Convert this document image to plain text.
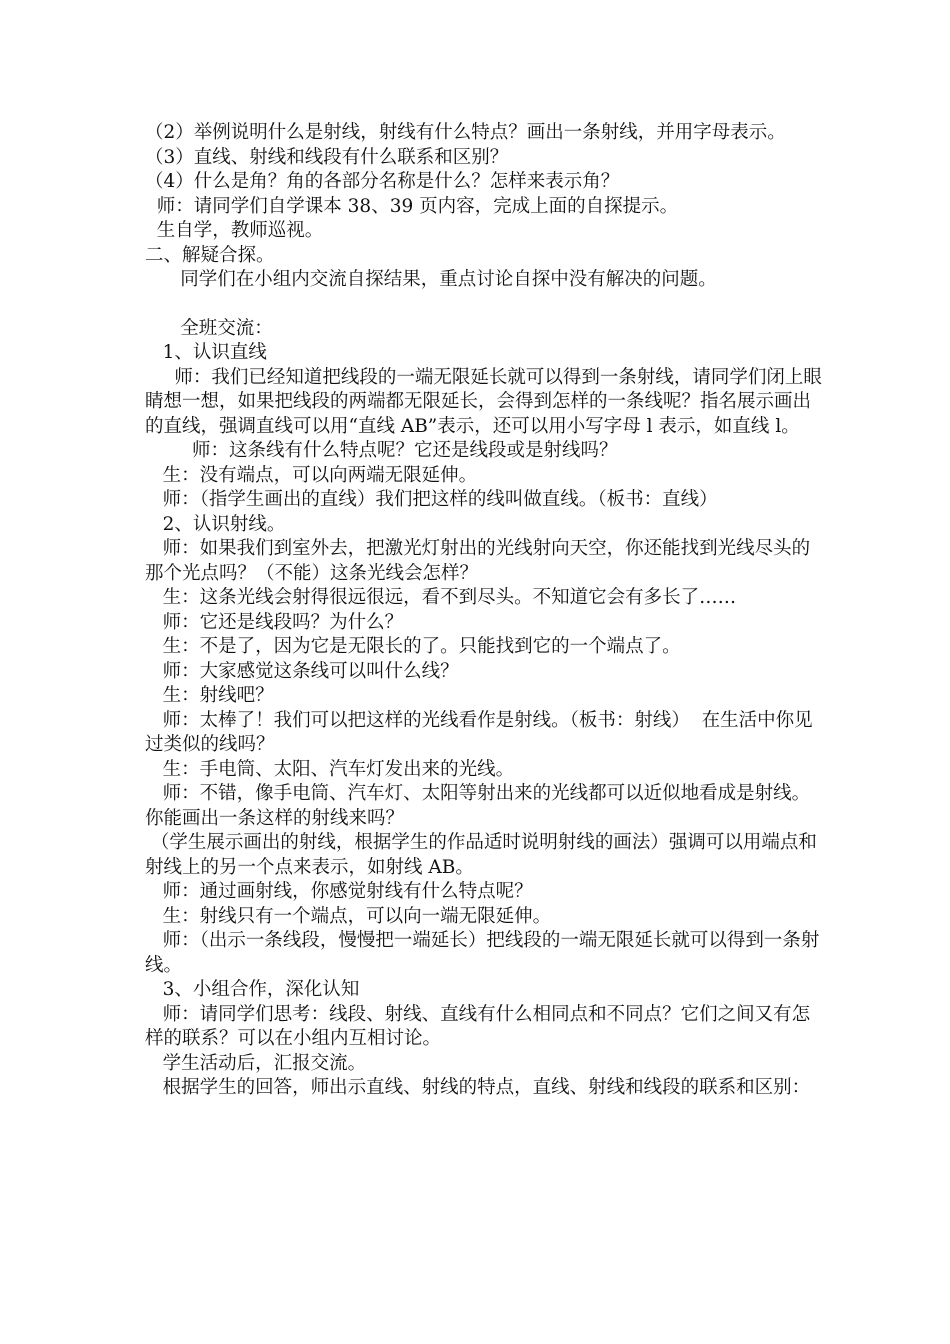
（2）举例说明什么是射线，射线有什么特点？画出一条射线，并用字母表示。

（3）直线、射线和线段有什么联系和区别？

（4）什么是角？角的各部分名称是什么？怎样来表示角？

师：请同学们自学课本 38、39 页内容，完成上面的自探提示。

生自学，教师巡视。

二、解疑合探。

同学们在小组内交流自探结果，重点讨论自探中没有解决的问题。

全班交流：

1、认识直线

师：我们已经知道把线段的一端无限延长就可以得到一条射线，请同学们闭上眼睛想一想，如果把线段的两端都无限延长，会得到怎样的一条线呢？指名展示画出的直线，强调直线可以用“直线 AB”表示，还可以用小写字母 l 表示，如直线 l。

师：这条线有什么特点呢？它还是线段或是射线吗？

生：没有端点，可以向两端无限延伸。

师：（指学生画出的直线）我们把这样的线叫做直线。（板书：直线）

2、认识射线。

师：如果我们到室外去，把激光灯射出的光线射向天空，你还能找到光线尽头的那个光点吗？（不能）这条光线会怎样？

生：这条光线会射得很远很远，看不到尽头。不知道它会有多长了……

师：它还是线段吗？为什么？

生：不是了，因为它是无限长的了。只能找到它的一个端点了。

师：大家感觉这条线可以叫什么线？

生：射线吧？

师：太棒了！我们可以把这样的光线看作是射线。（板书：射线）  在生活中你见过类似的线吗？

生：手电筒、太阳、汽车灯发出来的光线。

师：不错，像手电筒、汽车灯、太阳等射出来的光线都可以近似地看成是射线。你能画出一条这样的射线来吗？

（学生展示画出的射线，根据学生的作品适时说明射线的画法）强调可以用端点和射线上的另一个点来表示，如射线 AB。

师：通过画射线，你感觉射线有什么特点呢？

生：射线只有一个端点，可以向一端无限延伸。

师：（出示一条线段，慢慢把一端延长）把线段的一端无限延长就可以得到一条射线。

3、小组合作，深化认知

师：请同学们思考：线段、射线、直线有什么相同点和不同点？它们之间又有怎样的联系？可以在小组内互相讨论。

学生活动后，汇报交流。

根据学生的回答，师出示直线、射线的特点，直线、射线和线段的联系和区别：
